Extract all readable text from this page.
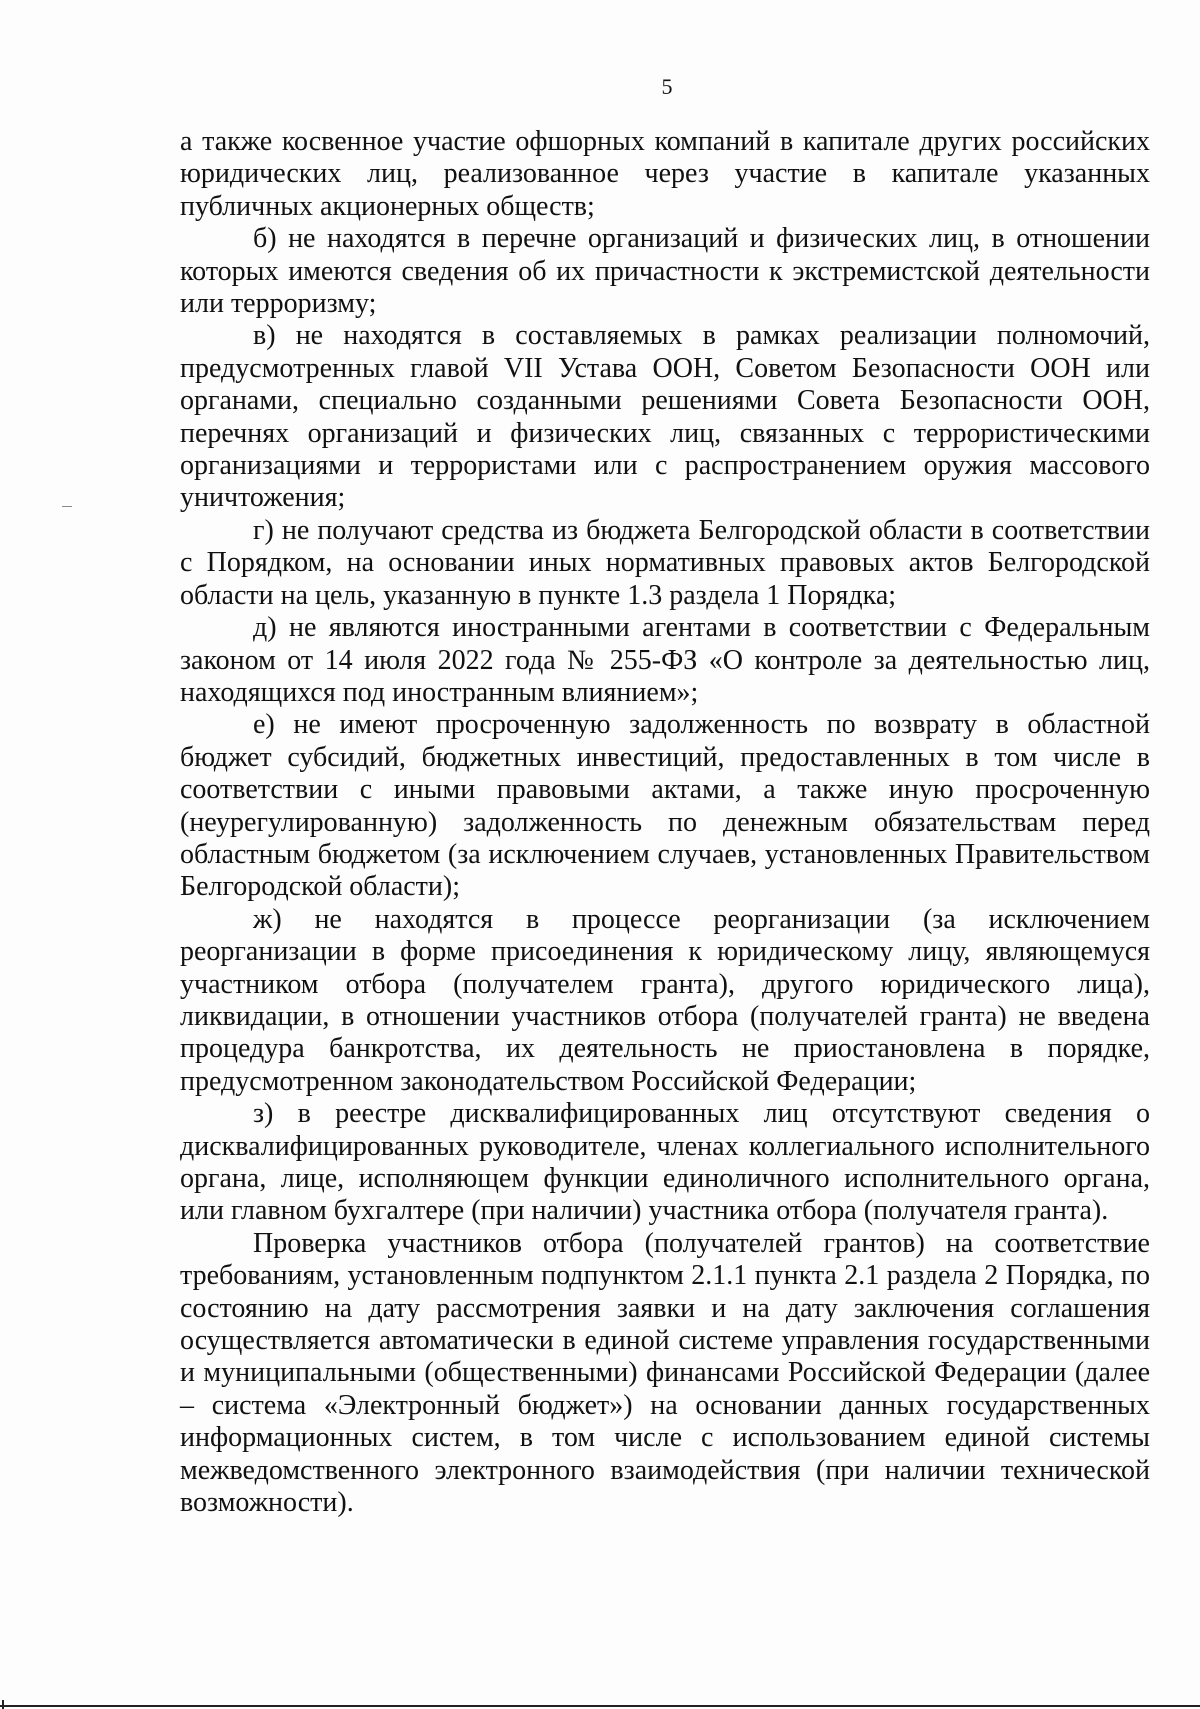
5

а также косвенное участие офшорных компаний в капитале других российских юридических лиц, реализованное через участие в капитале указанных публичных акционерных обществ;

б) не находятся в перечне организаций и физических лиц, в отношении которых имеются сведения об их причастности к экстремистской деятельности или терроризму;

в) не находятся в составляемых в рамках реализации полномочий, предусмотренных главой VII Устава ООН, Советом Безопасности ООН или органами, специально созданными решениями Совета Безопасности ООН, перечнях организаций и физических лиц, связанных с террористическими организациями и террористами или с распространением оружия массового уничтожения;

г) не получают средства из бюджета Белгородской области в соответствии с Порядком, на основании иных нормативных правовых актов Белгородской области на цель, указанную в пункте 1.3 раздела 1 Порядка;

д) не являются иностранными агентами в соответствии с Федеральным законом от 14 июля 2022 года № 255-ФЗ «О контроле за деятельностью лиц, находящихся под иностранным влиянием»;

е) не имеют просроченную задолженность по возврату в областной бюджет субсидий, бюджетных инвестиций, предоставленных в том числе в соответствии с иными правовыми актами, а также иную просроченную (неурегулированную) задолженность по денежным обязательствам перед областным бюджетом (за исключением случаев, установленных Правительством Белгородской области);

ж) не находятся в процессе реорганизации (за исключением реорганизации в форме присоединения к юридическому лицу, являющемуся участником отбора (получателем гранта), другого юридического лица), ликвидации, в отношении участников отбора (получателей гранта) не введена процедура банкротства, их деятельность не приостановлена в порядке, предусмотренном законодательством Российской Федерации;

з) в реестре дисквалифицированных лиц отсутствуют сведения о дисквалифицированных руководителе, членах коллегиального исполнительного органа, лице, исполняющем функции единоличного исполнительного органа, или главном бухгалтере (при наличии) участника отбора (получателя гранта).

Проверка участников отбора (получателей грантов) на соответствие требованиям, установленным подпунктом 2.1.1 пункта 2.1 раздела 2 Порядка, по состоянию на дату рассмотрения заявки и на дату заключения соглашения осуществляется автоматически в единой системе управления государственными и муниципальными (общественными) финансами Российской Федерации (далее – система «Электронный бюджет») на основании данных государственных информационных систем, в том числе с использованием единой системы межведомственного электронного взаимодействия (при наличии технической возможности).
